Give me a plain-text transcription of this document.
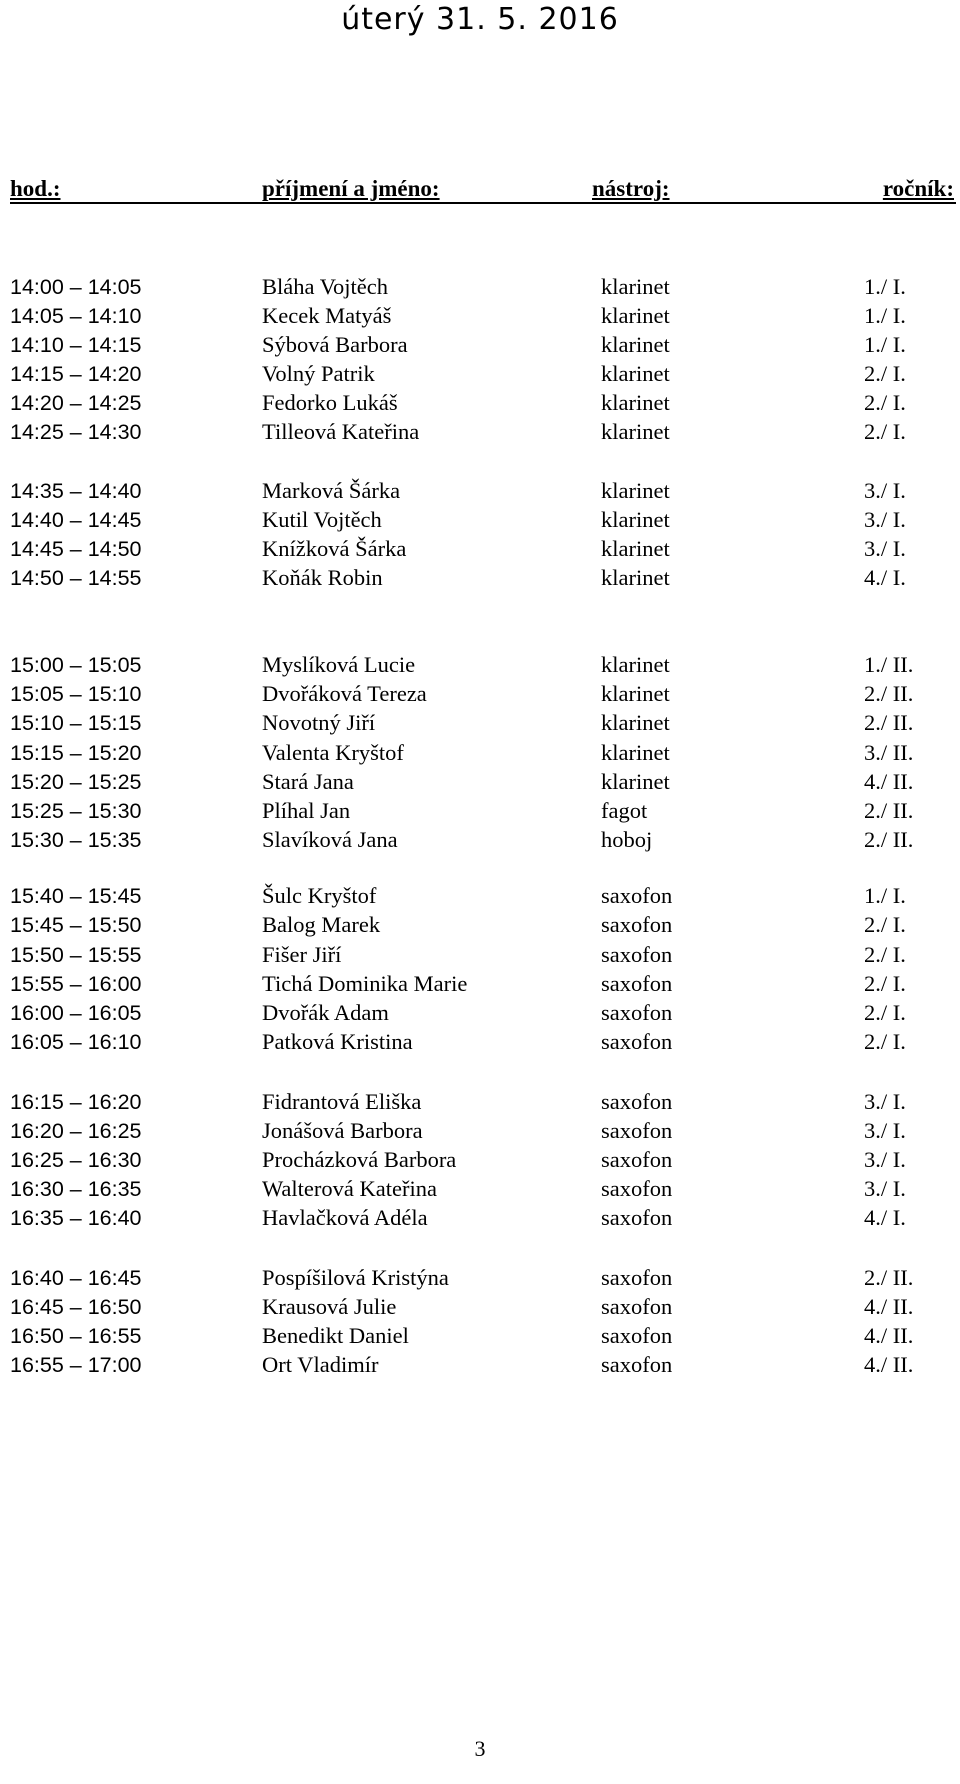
úterý 31. 5. 2016
hod.:	příjmení a jméno:	nástroj:	ročník:
14:00 – 14:05	Bláha Vojtěch	klarinet	1./ I.
14:05 – 14:10	Kecek Matyáš	klarinet	1./ I.
14:10 – 14:15	Sýbová Barbora	klarinet	1./ I.
14:15 – 14:20	Volný Patrik	klarinet	2./ I.
14:20 – 14:25	Fedorko Lukáš	klarinet	2./ I.
14:25 – 14:30	Tilleová Kateřina	klarinet	2./ I.
14:35 – 14:40	Marková Šárka	klarinet	3./ I.
14:40 – 14:45	Kutil Vojtěch	klarinet	3./ I.
14:45 – 14:50	Knížková Šárka	klarinet	3./ I.
14:50 – 14:55	Koňák Robin	klarinet	4./ I.
15:00 – 15:05	Myslíková Lucie	klarinet	1./ II.
15:05 – 15:10	Dvořáková Tereza	klarinet	2./ II.
15:10 – 15:15	Novotný Jiří	klarinet	2./ II.
15:15 – 15:20	Valenta Kryštof	klarinet	3./ II.
15:20 – 15:25	Stará Jana	klarinet	4./ II.
15:25 – 15:30	Plíhal Jan	fagot	2./ II.
15:30 – 15:35	Slavíková Jana	hoboj	2./ II.
15:40 – 15:45	Šulc Kryštof	saxofon	1./ I.
15:45 – 15:50	Balog Marek	saxofon	2./ I.
15:50 – 15:55	Fišer Jiří	saxofon	2./ I.
15:55 – 16:00	Tichá Dominika Marie	saxofon	2./ I.
16:00 – 16:05	Dvořák Adam	saxofon	2./ I.
16:05 – 16:10	Patková Kristina	saxofon	2./ I.
16:15 – 16:20	Fidrantová Eliška	saxofon	3./ I.
16:20 – 16:25	Jonášová Barbora	saxofon	3./ I.
16:25 – 16:30	Procházková Barbora	saxofon	3./ I.
16:30 – 16:35	Walterová Kateřina	saxofon	3./ I.
16:35 – 16:40	Havlačková Adéla	saxofon	4./ I.
16:40 – 16:45	Pospíšilová Kristýna	saxofon	2./ II.
16:45 – 16:50	Krausová Julie	saxofon	4./ II.
16:50 – 16:55	Benedikt Daniel	saxofon	4./ II.
16:55 – 17:00	Ort Vladimír	saxofon	4./ II.
3
